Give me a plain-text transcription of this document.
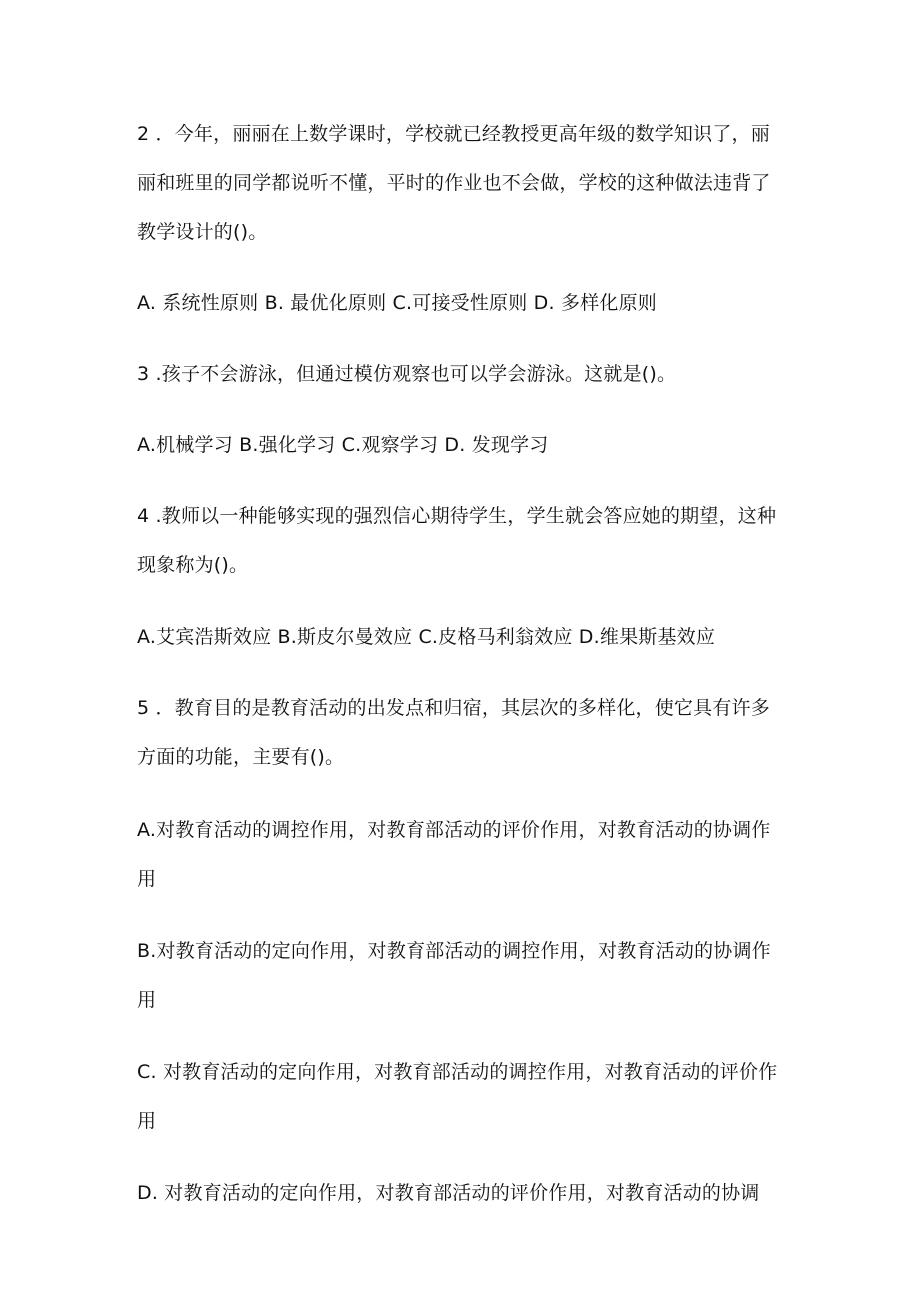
2 ．今年，丽丽在上数学课时，学校就已经教授更高年级的数学知识了，丽丽和班里的同学都说听不懂，平时的作业也不会做，学校的这种做法违背了教学设计的()。
A. 系统性原则 B. 最优化原则 C.可接受性原则 D. 多样化原则
3 .孩子不会游泳，但通过模仿观察也可以学会游泳。这就是()。
A.机械学习 B.强化学习 C.观察学习 D. 发现学习
4 .教师以一种能够实现的强烈信心期待学生，学生就会答应她的期望，这种现象称为()。
A.艾宾浩斯效应 B.斯皮尔曼效应 C.皮格马利翁效应 D.维果斯基效应
5 ．教育目的是教育活动的出发点和归宿，其层次的多样化，使它具有许多方面的功能，主要有()。
A.对教育活动的调控作用，对教育部活动的评价作用，对教育活动的协调作用
B.对教育活动的定向作用，对教育部活动的调控作用，对教育活动的协调作用
C. 对教育活动的定向作用，对教育部活动的调控作用，对教育活动的评价作用
D. 对教育活动的定向作用，对教育部活动的评价作用，对教育活动的协调
